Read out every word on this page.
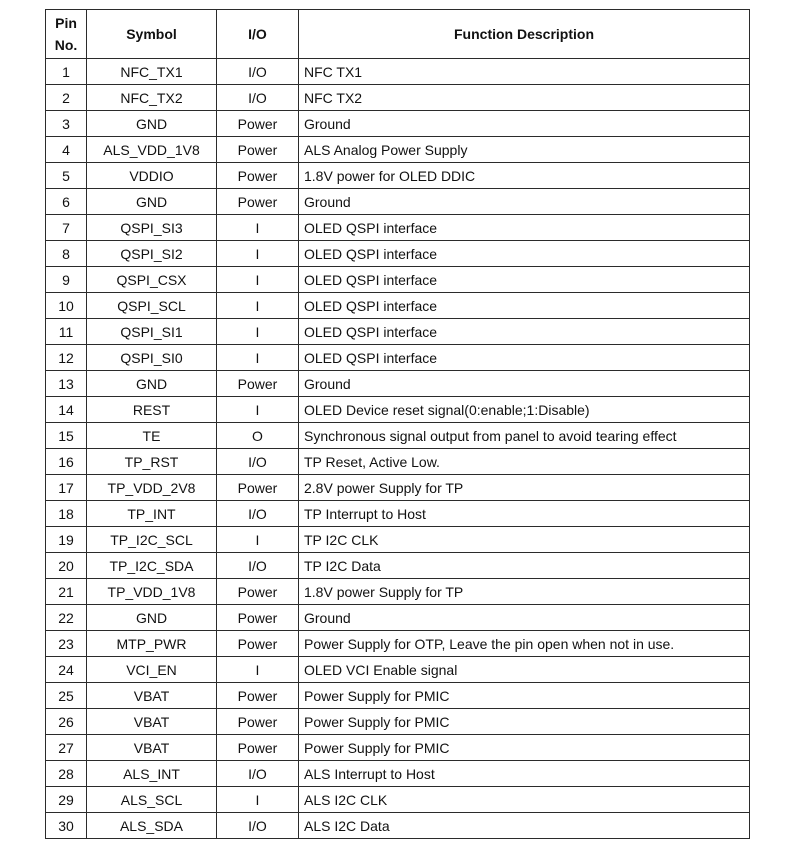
Pin
No.	Symbol	I/O	Function Description
1	NFC_TX1	I/O	NFC TX1
2	NFC_TX2	I/O	NFC TX2
3	GND	Power	Ground
4	ALS_VDD_1V8	Power	ALS Analog Power Supply
5	VDDIO	Power	1.8V power for OLED DDIC
6	GND	Power	Ground
7	QSPI_SI3	I	OLED QSPI interface
8	QSPI_SI2	I	OLED QSPI interface
9	QSPI_CSX	I	OLED QSPI interface
10	QSPI_SCL	I	OLED QSPI interface
11	QSPI_SI1	I	OLED QSPI interface
12	QSPI_SI0	I	OLED QSPI interface
13	GND	Power	Ground
14	REST	I	OLED Device reset signal(0:enable;1:Disable)
15	TE	O	Synchronous signal output from panel to avoid tearing effect
16	TP_RST	I/O	TP Reset, Active Low.
17	TP_VDD_2V8	Power	2.8V power Supply for TP
18	TP_INT	I/O	TP Interrupt to Host
19	TP_I2C_SCL	I	TP I2C CLK
20	TP_I2C_SDA	I/O	TP I2C Data
21	TP_VDD_1V8	Power	1.8V power Supply for TP
22	GND	Power	Ground
23	MTP_PWR	Power	Power Supply for OTP, Leave the pin open when not in use.
24	VCI_EN	I	OLED VCI Enable signal
25	VBAT	Power	Power Supply for PMIC
26	VBAT	Power	Power Supply for PMIC
27	VBAT	Power	Power Supply for PMIC
28	ALS_INT	I/O	ALS Interrupt to Host
29	ALS_SCL	I	ALS I2C CLK
30	ALS_SDA	I/O	ALS I2C Data
